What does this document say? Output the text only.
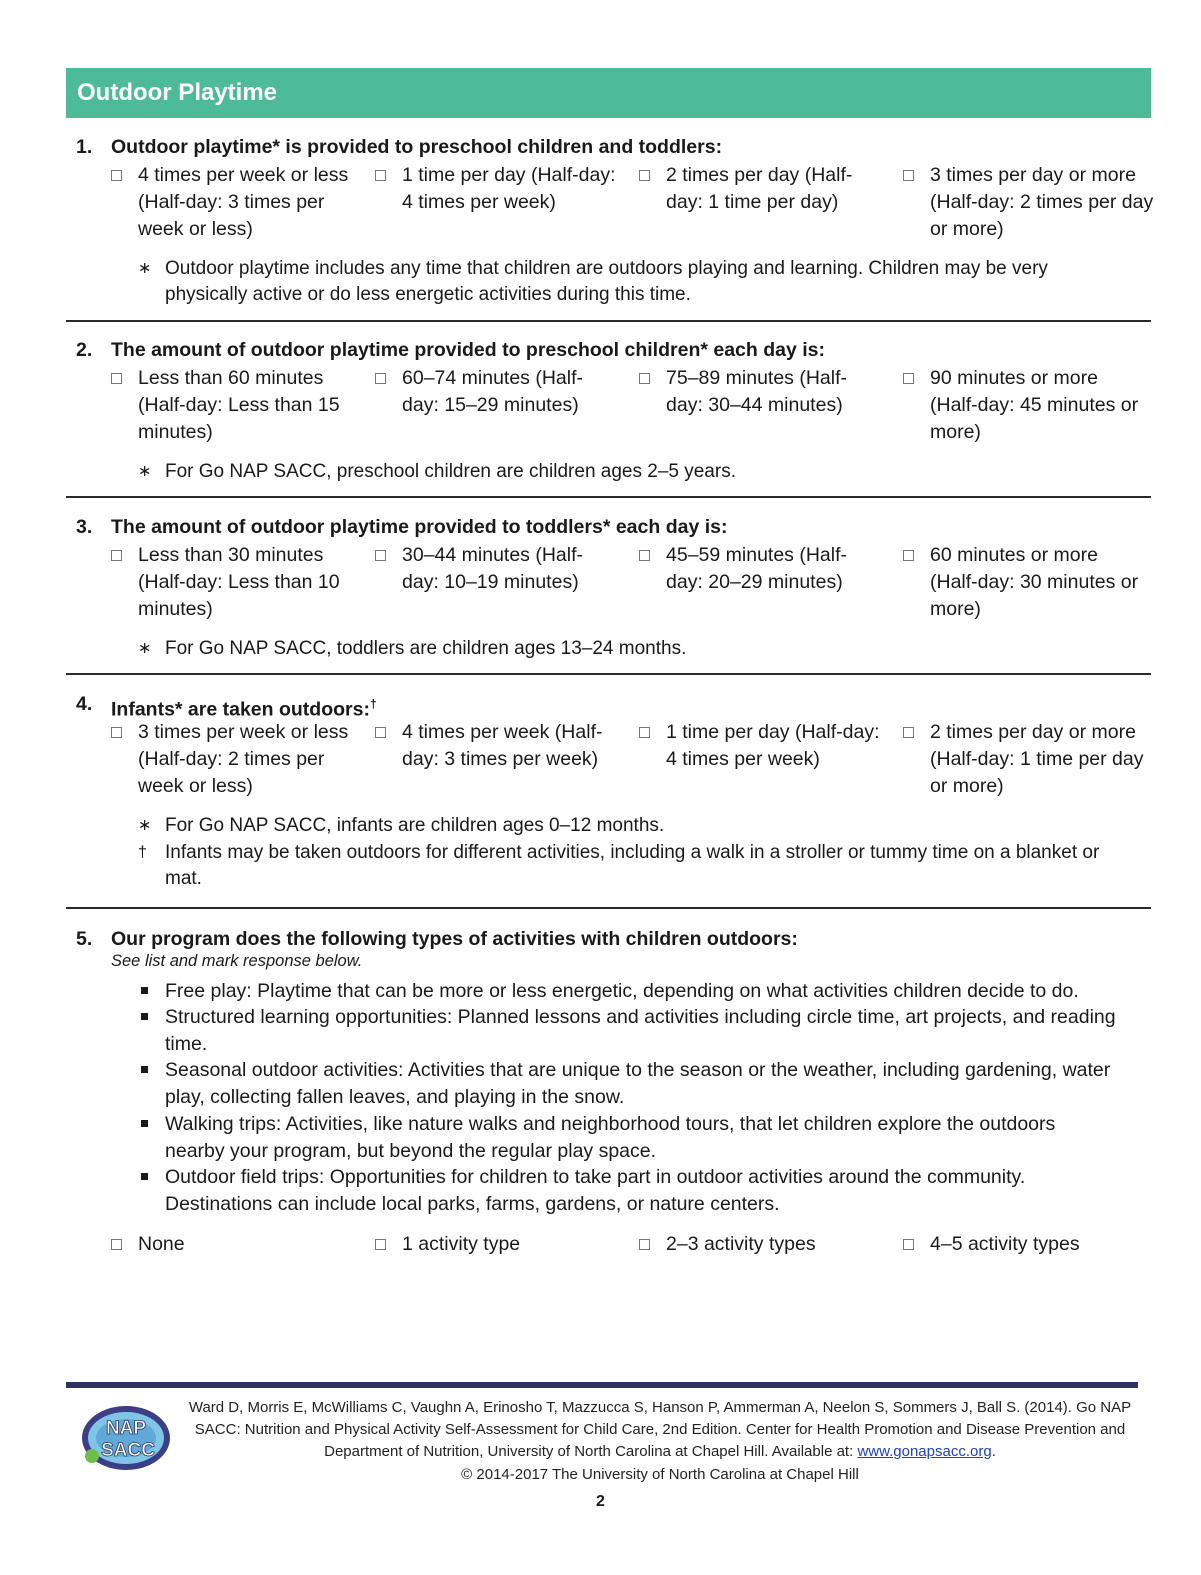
Outdoor Playtime
1. Outdoor playtime* is provided to preschool children and toddlers:
4 times per week or less (Half-day: 3 times per week or less)
1 time per day (Half-day: 4 times per week)
2 times per day (Half-day: 1 time per day)
3 times per day or more (Half-day: 2 times per day or more)
∗ Outdoor playtime includes any time that children are outdoors playing and learning. Children may be very physically active or do less energetic activities during this time.
2. The amount of outdoor playtime provided to preschool children* each day is:
Less than 60 minutes (Half-day: Less than 15 minutes)
60–74 minutes (Half-day: 15–29 minutes)
75–89 minutes (Half-day: 30–44 minutes)
90 minutes or more (Half-day: 45 minutes or more)
∗ For Go NAP SACC, preschool children are children ages 2–5 years.
3. The amount of outdoor playtime provided to toddlers* each day is:
Less than 30 minutes (Half-day: Less than 10 minutes)
30–44 minutes (Half-day: 10–19 minutes)
45–59 minutes (Half-day: 20–29 minutes)
60 minutes or more (Half-day: 30 minutes or more)
∗ For Go NAP SACC, toddlers are children ages 13–24 months.
4. Infants* are taken outdoors:†
3 times per week or less (Half-day: 2 times per week or less)
4 times per week (Half-day: 3 times per week)
1 time per day (Half-day: 4 times per week)
2 times per day or more (Half-day: 1 time per day or more)
∗ For Go NAP SACC, infants are children ages 0–12 months.
† Infants may be taken outdoors for different activities, including a walk in a stroller or tummy time on a blanket or mat.
5. Our program does the following types of activities with children outdoors:
See list and mark response below.
Free play: Playtime that can be more or less energetic, depending on what activities children decide to do.
Structured learning opportunities: Planned lessons and activities including circle time, art projects, and reading time.
Seasonal outdoor activities: Activities that are unique to the season or the weather, including gardening, water play, collecting fallen leaves, and playing in the snow.
Walking trips: Activities, like nature walks and neighborhood tours, that let children explore the outdoors nearby your program, but beyond the regular play space.
Outdoor field trips: Opportunities for children to take part in outdoor activities around the community. Destinations can include local parks, farms, gardens, or nature centers.
None	1 activity type	2–3 activity types	4–5 activity types
NAP
SACC
Ward D, Morris E, McWilliams C, Vaughn A, Erinosho T, Mazzucca S, Hanson P, Ammerman A, Neelon S, Sommers J, Ball S. (2014). Go NAP SACC: Nutrition and Physical Activity Self-Assessment for Child Care, 2nd Edition. Center for Health Promotion and Disease Prevention and Department of Nutrition, University of North Carolina at Chapel Hill. Available at: www.gonapsacc.org.
© 2014-2017 The University of North Carolina at Chapel Hill
2
